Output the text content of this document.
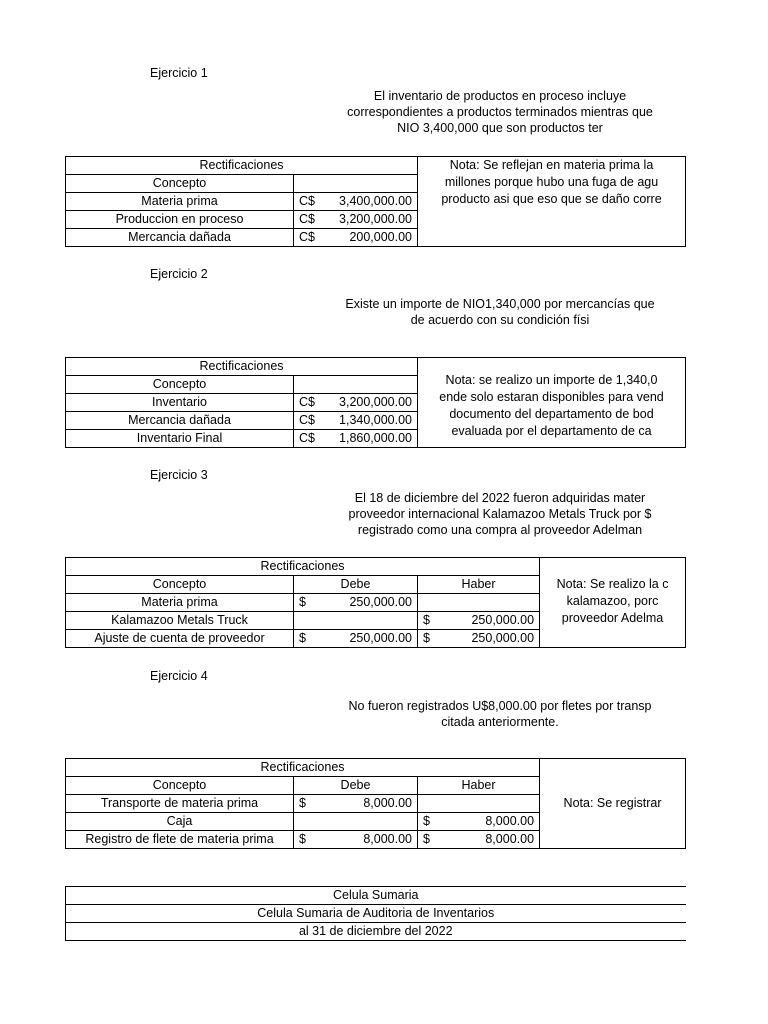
Ejercicio 1
El inventario de productos en proceso incluye
correspondientes a productos terminados mientras que
NIO 3,400,000 que son productos ter
Rectificaciones		Nota: Se reflejan en materia prima la
millones porque hubo una fuga de agu
producto asi que eso que se daño corre

Concepto		
Materia prima	C$ 3,400,000.00	

Produccion en proceso	C$ 3,200,000.00	

Mercancia dañada	C$ 200,000.00	
Ejercicio 2
Existe un importe de NIO1,340,000 por mercancías que
de acuerdo con su condición físi
Rectificaciones		Nota: se realizo un importe de 1,340,0
ende solo estaran disponibles para vend
documento del departamento de bod
evaluada por el departamento de ca

Concepto		
Inventario	C$ 3,200,000.00	

Mercancia dañada	C$ 1,340,000.00	

Inventario Final	C$ 1,860,000.00	
Ejercicio 3
El 18 de diciembre del 2022 fueron adquiridas mater
proveedor internacional Kalamazoo Metals Truck por $
registrado como una compra al proveedor Adelman
Rectificaciones			Nota: Se realizo la c
kalamazoo, porc
proveedor Adelma

Concepto	Debe	Haber	
Materia prima	$ 250,000.00		

Kalamazoo Metals Truck		$ 250,000.00	

Ajuste de cuenta de proveedor	$ 250,000.00	$ 250,000.00	
Ejercicio 4
No fueron registrados U$8,000.00 por fletes por transp
citada anteriormente.
Rectificaciones			Nota: Se registrar

Concepto	Debe	Haber	
Transporte de materia prima	$ 8,000.00		

Caja		$ 8,000.00	

Registro de flete de materia prima	$ 8,000.00	$ 8,000.00	
Celula Sumaria
Celula Sumaria de Auditoria de Inventarios
al 31 de diciembre del 2022
